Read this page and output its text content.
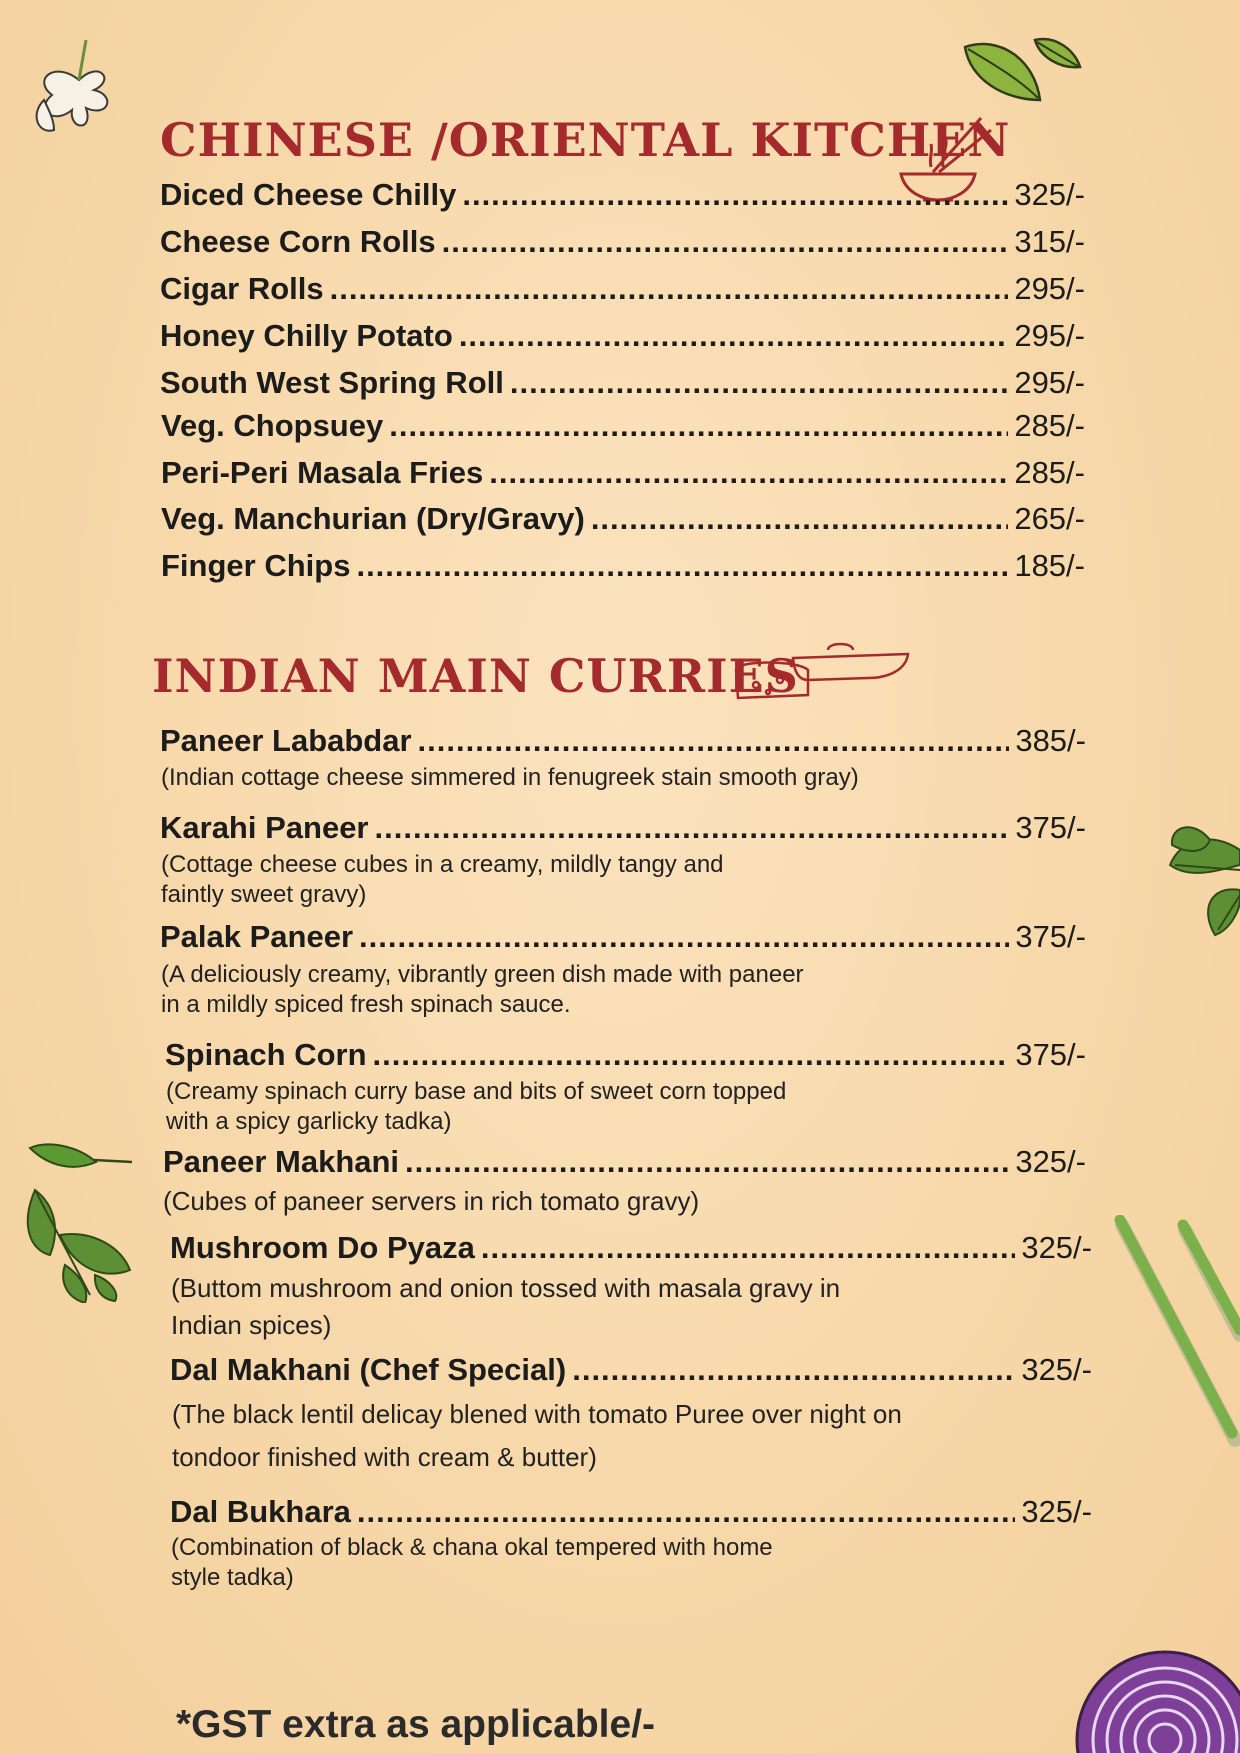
CHINESE /ORIENTAL KITCHEN
Diced Cheese Chilly .....	325/-
Cheese Corn Rolls .....	315/-
Cigar Rolls .....	295/-
Honey Chilly Potato .....	295/-
South West Spring Roll .....	295/-
Veg. Chopsuey .....	285/-
Peri-Peri Masala Fries .....	285/-
Veg. Manchurian (Dry/Gravy) .....	265/-
Finger Chips .....	185/-
INDIAN MAIN CURRIES
Paneer Lababdar .....	385/-

(Indian cottage cheese simmered in fenugreek stain smooth gray)

Karahi Paneer .....	375/-

(Cottage cheese cubes in a creamy, mildly tangy and
faintly sweet gravy)

Palak Paneer .....	375/-

(A deliciously creamy, vibrantly green dish made with paneer
in a mildly spiced fresh spinach sauce.

Spinach Corn .....	375/-

(Creamy spinach curry base and bits of sweet corn topped
with a spicy garlicky tadka)

Paneer Makhani .....	325/-

(Cubes of paneer servers in rich tomato gravy)

Mushroom Do Pyaza .....	325/-

(Buttom mushroom and onion tossed with masala gravy in
Indian spices)

Dal Makhani (Chef Special) .....	325/-

(The black lentil delicay blened with tomato Puree over night on
tondoor finished with cream & butter)

Dal Bukhara .....	325/-

(Combination of black & chana okal tempered with home
style tadka)

*GST extra as applicable/-
